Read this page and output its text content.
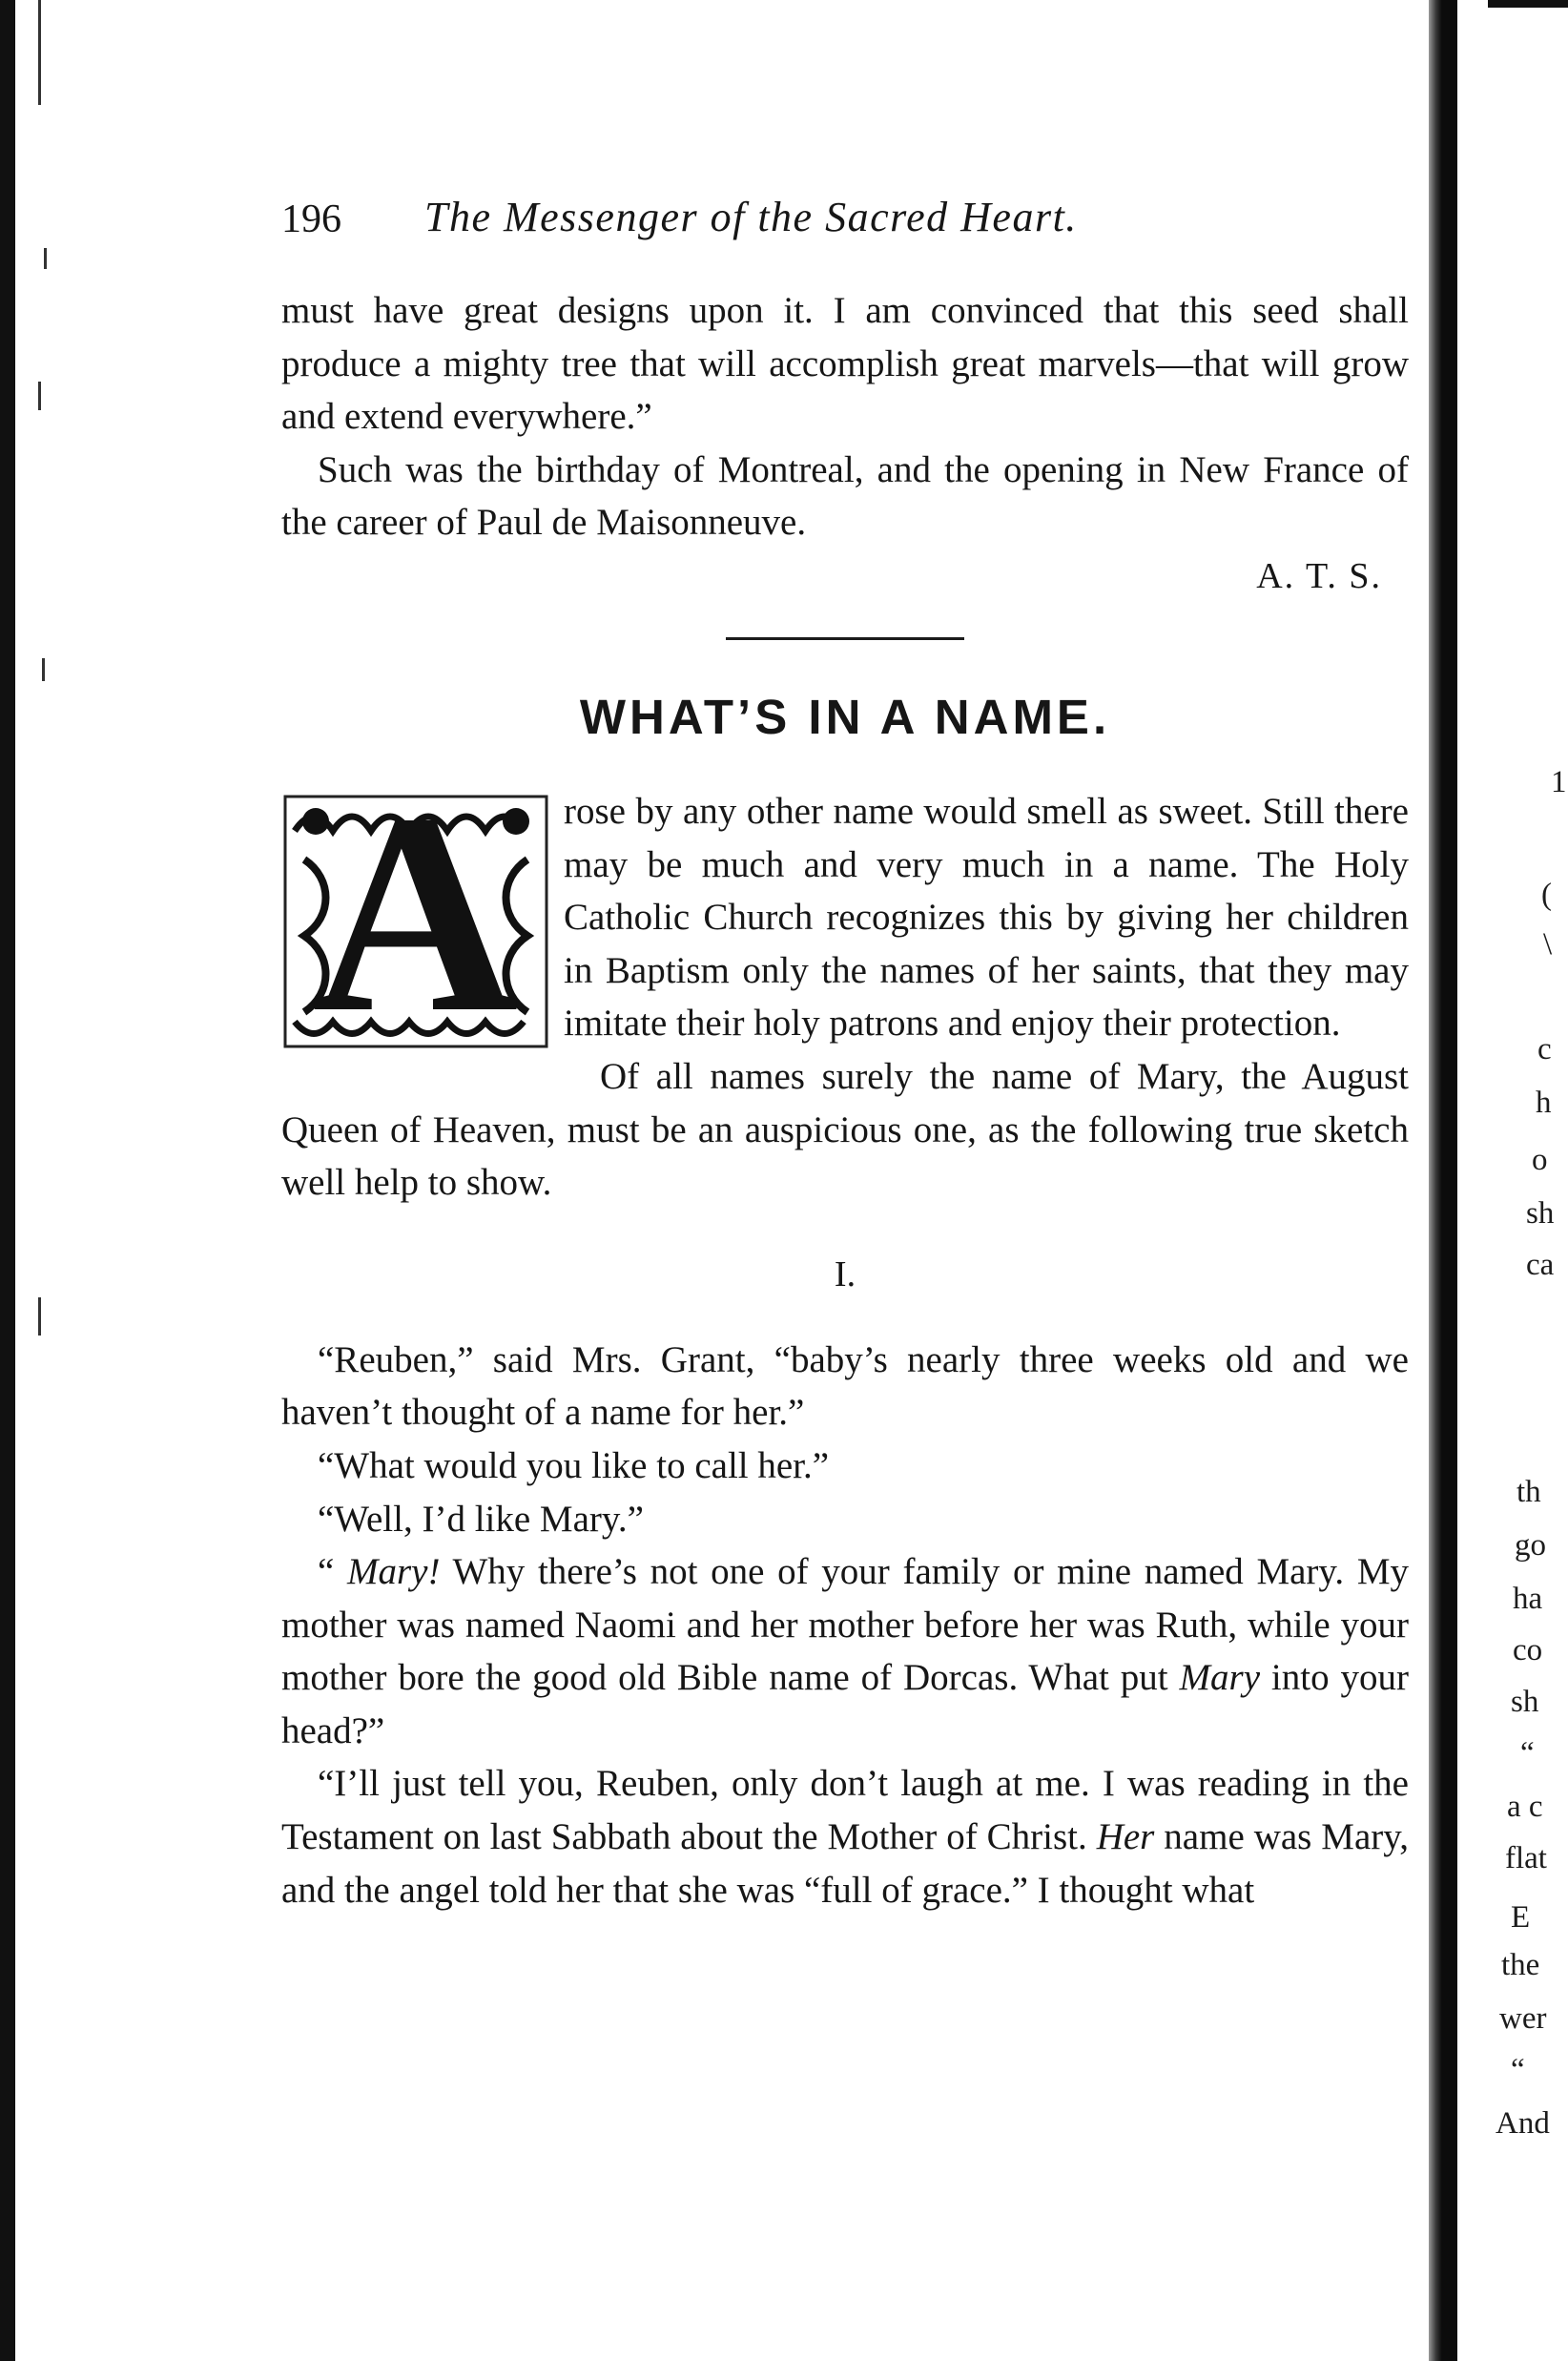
1
(
\
c
h
o
sh
ca
th
go
ha
co
sh
“
a c
flat
E
the
wer
“
And
196 The Messenger of the Sacred Heart.

must have great designs upon it. I am convinced that this seed shall produce a mighty tree that will accomplish great marvels—that will grow and extend everywhere.”

Such was the birthday of Montreal, and the opening in New France of the career of Paul de Maisonneuve.

A. T. S.
WHAT’S IN A NAME.
A	rose by any other name would smell as sweet. Still there may be much and very much in a name. The Holy Catholic Church recognizes this by giving her children in Baptism only the names of her saints, that they may imitate their holy patrons and enjoy their protection.

Of all names surely the name of Mary, the August Queen of Heaven, must be an auspicious one, as the following true sketch well help to show.

I.

“Reuben,” said Mrs. Grant, “baby’s nearly three weeks old and we haven’t thought of a name for her.”

“What would you like to call her.”

“Well, I’d like Mary.”

“ Mary! Why there’s not one of your family or mine named Mary. My mother was named Naomi and her mother before her was Ruth, while your mother bore the good old Bible name of Dorcas. What put Mary into your head?”

“I’ll just tell you, Reuben, only don’t laugh at me. I was reading in the Testament on last Sabbath about the Mother of Christ. Her name was Mary, and the angel told her that she was “full of grace.” I thought what
